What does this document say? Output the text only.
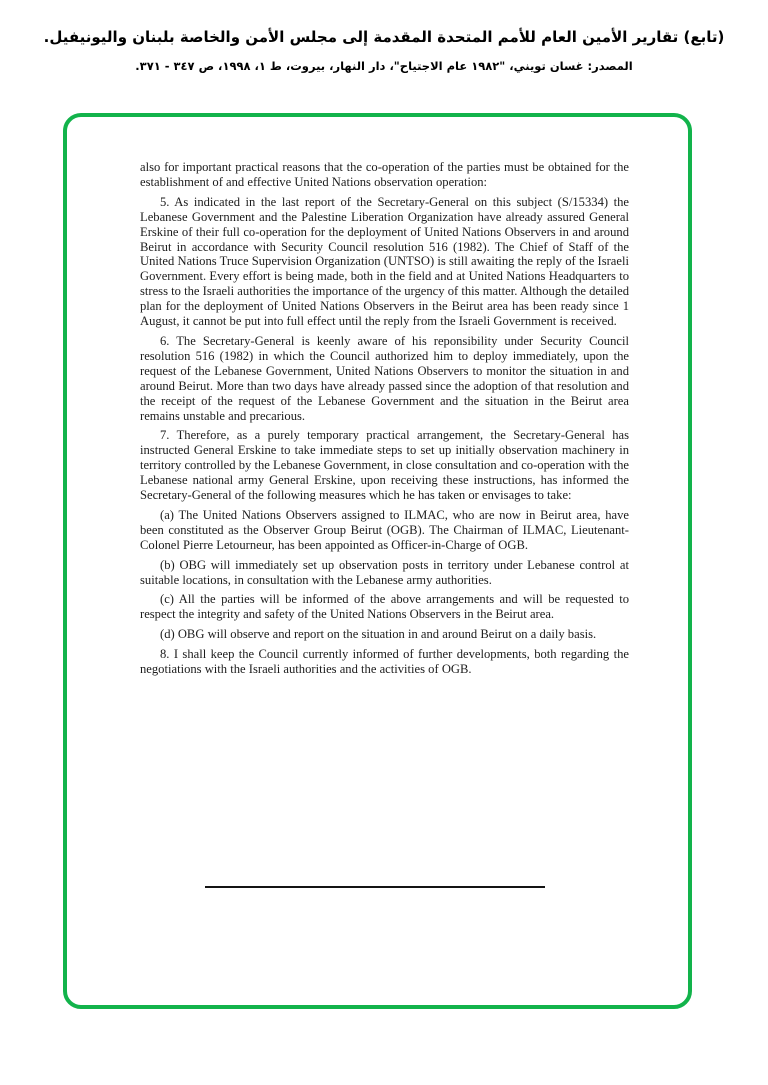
(تابع) تقارير الأمين العام للأمم المتحدة المقدمة إلى مجلس الأمن والخاصة بلبنان واليونيفيل.

المصدر: غسان تويني، "١٩٨٢ عام الاجتياح"، دار النهار، بيروت، ط ١، ١٩٩٨، ص ٣٤٧ - ٣٧١.

also for important practical reasons that the co-operation of the parties must be obtained for the establishment of and effective United Nations observation operation:

5. As indicated in the last report of the Secretary-General on this subject (S/15334) the Lebanese Government and the Palestine Liberation Organization have already assured General Erskine of their full co-operation for the deployment of United Nations Observers in and around Beirut in accordance with Security Council resolution 516 (1982). The Chief of Staff of the United Nations Truce Supervision Organization (UNTSO) is still awaiting the reply of the Israeli Government. Every effort is being made, both in the field and at United Nations Headquarters to stress to the Israeli authorities the importance of the urgency of this matter. Although the detailed plan for the deployment of United Nations Observers in the Beirut area has been ready since 1 August, it cannot be put into full effect until the reply from the Israeli Government is received.

6. The Secretary-General is keenly aware of his reponsibility under Security Council resolution 516 (1982) in which the Council authorized him to deploy immediately, upon the request of the Lebanese Government, United Nations Observers to monitor the situation in and around Beirut. More than two days have already passed since the adoption of that resolution and the receipt of the request of the Lebanese Government and the situation in the Beirut area remains unstable and precarious.

7. Therefore, as a purely temporary practical arrangement, the Secretary-General has instructed General Erskine to take immediate steps to set up initially observation machinery in territory controlled by the Lebanese Government, in close consultation and co-operation with the Lebanese national army General Erskine, upon receiving these instructions, has informed the Secretary-General of the following measures which he has taken or envisages to take:

(a) The United Nations Observers assigned to ILMAC, who are now in Beirut area, have been constituted as the Observer Group Beirut (OGB). The Chairman of ILMAC, Lieutenant-Colonel Pierre Letourneur, has been appointed as Officer-in-Charge of OGB.

(b) OBG will immediately set up observation posts in territory under Lebanese control at suitable locations, in consultation with the Lebanese army authorities.

(c) All the parties will be informed of the above arrangements and will be requested to respect the integrity and safety of the United Nations Observers in the Beirut area.

(d) OBG will observe and report on the situation in and around Beirut on a daily basis.

8. I shall keep the Council currently informed of further developments, both regarding the negotiations with the Israeli authorities and the activities of OGB.
